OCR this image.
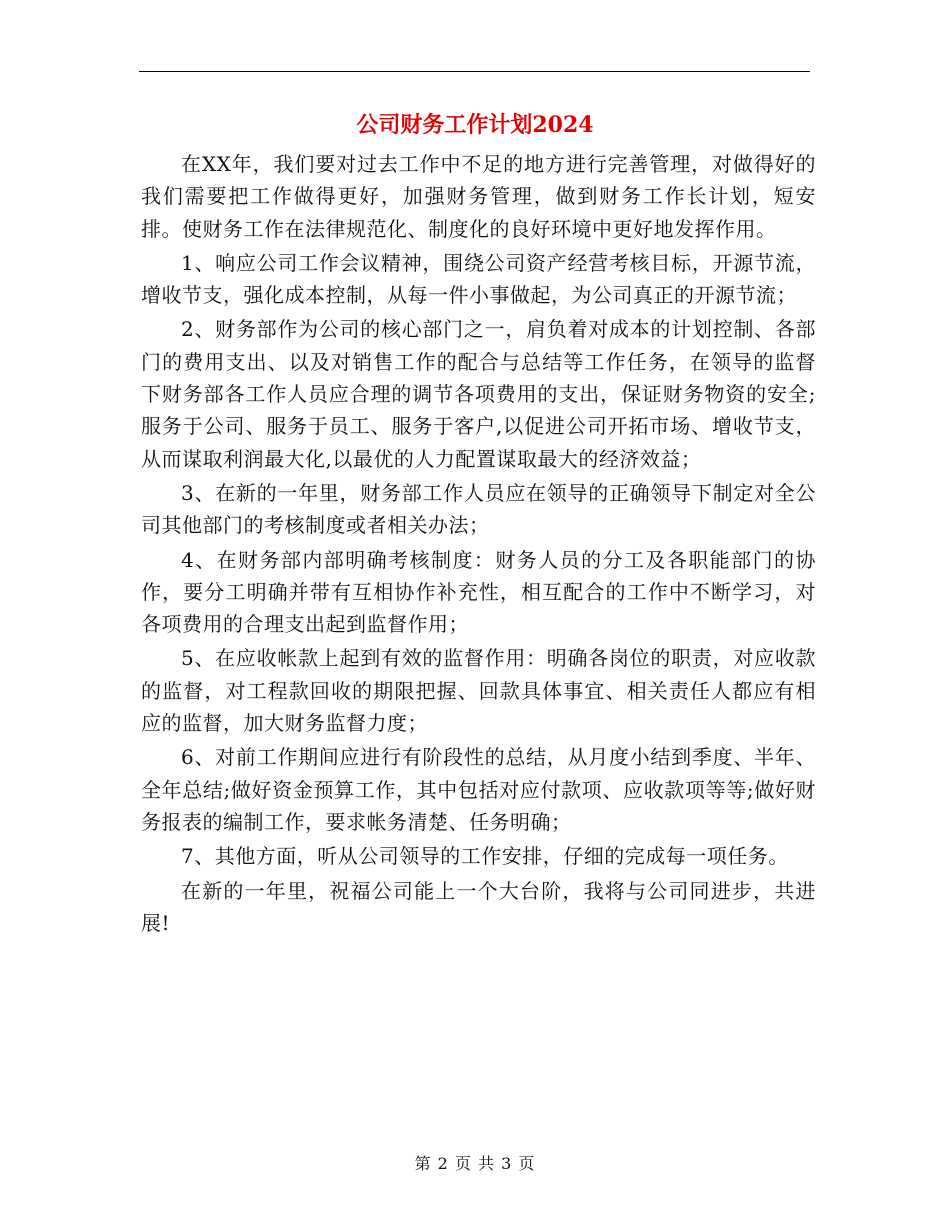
公司财务工作计划2024

在XX年，我们要对过去工作中不足的地方进行完善管理，对做得好的我们需要把工作做得更好，加强财务管理，做到财务工作长计划，短安排。使财务工作在法律规范化、制度化的良好环境中更好地发挥作用。

1、响应公司工作会议精神，围绕公司资产经营考核目标，开源节流，增收节支，强化成本控制，从每一件小事做起，为公司真正的开源节流；

2、财务部作为公司的核心部门之一，肩负着对成本的计划控制、各部门的费用支出、以及对销售工作的配合与总结等工作任务，在领导的监督下财务部各工作人员应合理的调节各项费用的支出，保证财务物资的安全;服务于公司、服务于员工、服务于客户,以促进公司开拓市场、增收节支，从而谋取利润最大化,以最优的人力配置谋取最大的经济效益；

3、在新的一年里，财务部工作人员应在领导的正确领导下制定对全公司其他部门的考核制度或者相关办法；

4、在财务部内部明确考核制度：财务人员的分工及各职能部门的协作，要分工明确并带有互相协作补充性，相互配合的工作中不断学习，对各项费用的合理支出起到监督作用；

5、在应收帐款上起到有效的监督作用：明确各岗位的职责，对应收款的监督，对工程款回收的期限把握、回款具体事宜、相关责任人都应有相应的监督，加大财务监督力度；

6、对前工作期间应进行有阶段性的总结，从月度小结到季度、半年、全年总结;做好资金预算工作，其中包括对应付款项、应收款项等等;做好财务报表的编制工作，要求帐务清楚、任务明确；

7、其他方面，听从公司领导的工作安排，仔细的完成每一项任务。

在新的一年里，祝福公司能上一个大台阶，我将与公司同进步，共进展!

第 2 页 共 3 页
